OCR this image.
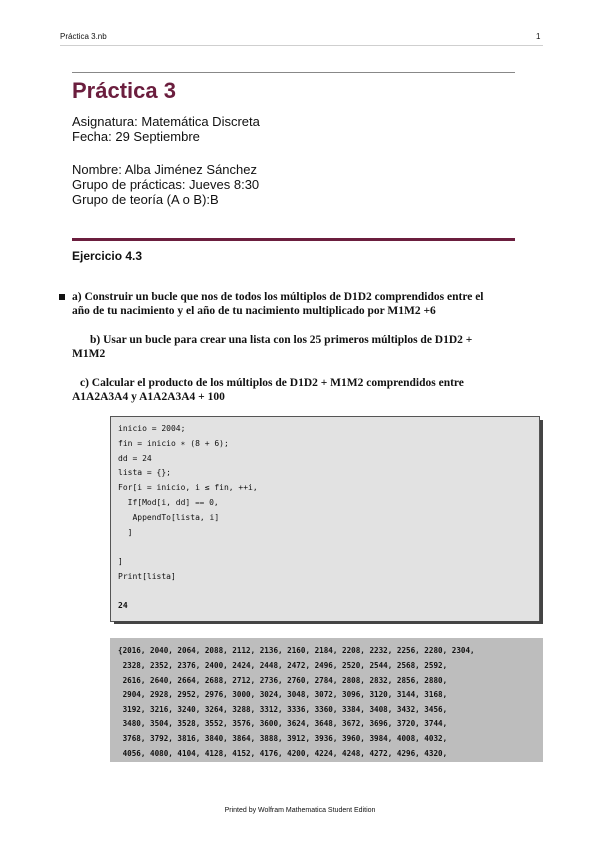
Práctica 3.nb	1
Práctica 3
Asignatura: Matemática Discreta
Fecha: 29 Septiembre
Nombre: Alba Jiménez Sánchez
Grupo de prácticas: Jueves 8:30
Grupo de teoría (A o B):B
Ejercicio 4.3
a) Construir un bucle que nos de todos los múltiplos de D1D2 comprendidos entre el
año de tu nacimiento y el año de tu nacimiento multiplicado por M1M2 +6
b) Usar un bucle para crear una lista con los 25 primeros múltiplos de D1D2 +
M1M2
c) Calcular el producto de los múltiplos de D1D2 + M1M2 comprendidos entre
A1A2A3A4 y A1A2A3A4 + 100
inicio = 2004;
fin = inicio ∗ (8 + 6);
dd = 24
lista = {};
For[i = inicio, i ≤ fin, ++i,
If[Mod[i, dd] ⩵ 0,
AppendTo[lista, i]
]
]
Print[lista]
24
{2016, 2040, 2064, 2088, 2112, 2136, 2160, 2184, 2208, 2232, 2256, 2280, 2304,
2328, 2352, 2376, 2400, 2424, 2448, 2472, 2496, 2520, 2544, 2568, 2592,
2616, 2640, 2664, 2688, 2712, 2736, 2760, 2784, 2808, 2832, 2856, 2880,
2904, 2928, 2952, 2976, 3000, 3024, 3048, 3072, 3096, 3120, 3144, 3168,
3192, 3216, 3240, 3264, 3288, 3312, 3336, 3360, 3384, 3408, 3432, 3456,
3480, 3504, 3528, 3552, 3576, 3600, 3624, 3648, 3672, 3696, 3720, 3744,
3768, 3792, 3816, 3840, 3864, 3888, 3912, 3936, 3960, 3984, 4008, 4032,
4056, 4080, 4104, 4128, 4152, 4176, 4200, 4224, 4248, 4272, 4296, 4320,
Printed by Wolfram Mathematica Student Edition
